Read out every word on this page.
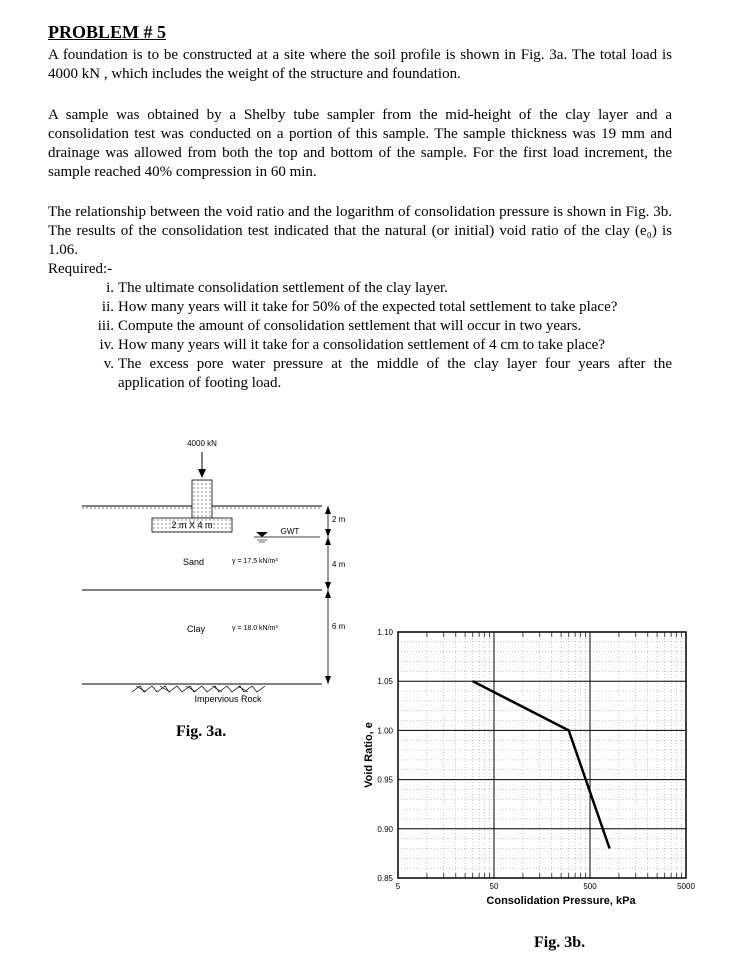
PROBLEM # 5
A foundation is to be constructed at a site where the soil profile is shown in Fig. 3a. The total load is 4000 kN , which includes the weight of the structure and foundation.
A sample was obtained by a Shelby tube sampler from the mid-height of the clay layer and a consolidation test was conducted on a portion of this sample. The sample thickness was 19 mm and drainage was allowed from both the top and bottom of the sample. For the first load increment, the sample reached 40% compression in 60 min.
The relationship between the void ratio and the logarithm of consolidation pressure is shown in Fig. 3b. The results of the consolidation test indicated that the natural (or initial) void ratio of the clay (e₀) is 1.06.
Required:-
i. The ultimate consolidation settlement of the clay layer.
ii. How many years will it take for 50% of the expected total settlement to take place?
iii. Compute the amount of consolidation settlement that will occur in two years.
iv. How many years will it take for a consolidation settlement of 4 cm to take place?
v. The excess pore water pressure at the middle of the clay layer four years after the application of footing load.
4000 kN
2 m X 4 m
GWT
Sand	γ = 17.5 kN/m³
Clay	γ = 18.0 kN/m³
Impervious Rock
2 m
4 m
6 m
Fig. 3a.
0.85
0.90
0.95
1.00
1.05
1.10
5	50	500	5000
Void Ratio, e
Consolidation Pressure, kPa
Fig. 3b.
